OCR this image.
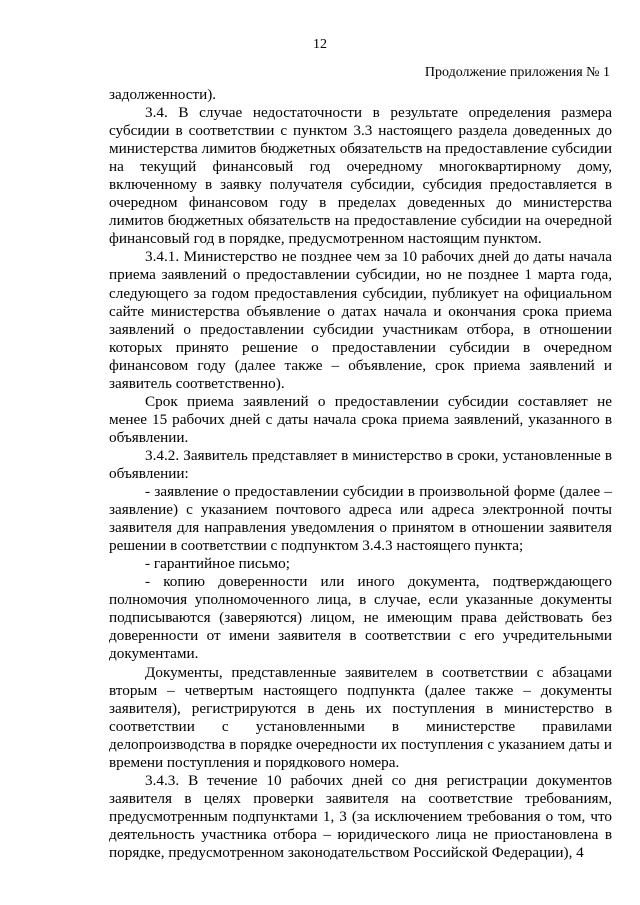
12
Продолжение приложения № 1

задолженности).

3.4. В случае недостаточности в результате определения размера субсидии в соответствии с пунктом 3.3 настоящего раздела доведенных до министерства лимитов бюджетных обязательств на предоставление субсидии на текущий финансовый год очередному многоквартирному дому, включенному в заявку получателя субсидии, субсидия предоставляется в очередном финансовом году в пределах доведенных до министерства лимитов бюджетных обязательств на предоставление субсидии на очередной финансовый год в порядке, предусмотренном настоящим пунктом.

3.4.1. Министерство не позднее чем за 10 рабочих дней до даты начала приема заявлений о предоставлении субсидии, но не позднее 1 марта года, следующего за годом предоставления субсидии, публикует на официальном сайте министерства объявление о датах начала и окончания срока приема заявлений о предоставлении субсидии участникам отбора, в отношении которых принято решение о предоставлении субсидии в очередном финансовом году (далее также – объявление, срок приема заявлений и заявитель соответственно).

Срок приема заявлений о предоставлении субсидии составляет не менее 15 рабочих дней с даты начала срока приема заявлений, указанного в объявлении.

3.4.2. Заявитель представляет в министерство в сроки, установленные в объявлении:

- заявление о предоставлении субсидии в произвольной форме (далее – заявление) с указанием почтового адреса или адреса электронной почты заявителя для направления уведомления о принятом в отношении заявителя решении в соответствии с подпунктом 3.4.3 настоящего пункта;

- гарантийное письмо;

- копию доверенности или иного документа, подтверждающего полномочия уполномоченного лица, в случае, если указанные документы подписываются (заверяются) лицом, не имеющим права действовать без доверенности от имени заявителя в соответствии с его учредительными документами.

Документы, представленные заявителем в соответствии с абзацами вторым – четвертым настоящего подпункта (далее также – документы заявителя), регистрируются в день их поступления в министерство в соответствии с установленными в министерстве правилами делопроизводства в порядке очередности их поступления с указанием даты и времени поступления и порядкового номера.

3.4.3. В течение 10 рабочих дней со дня регистрации документов заявителя в целях проверки заявителя на соответствие требованиям, предусмотренным подпунктами 1, 3 (за исключением требования о том, что деятельность участника отбора – юридического лица не приостановлена в порядке, предусмотренном законодательством Российской Федерации), 4
